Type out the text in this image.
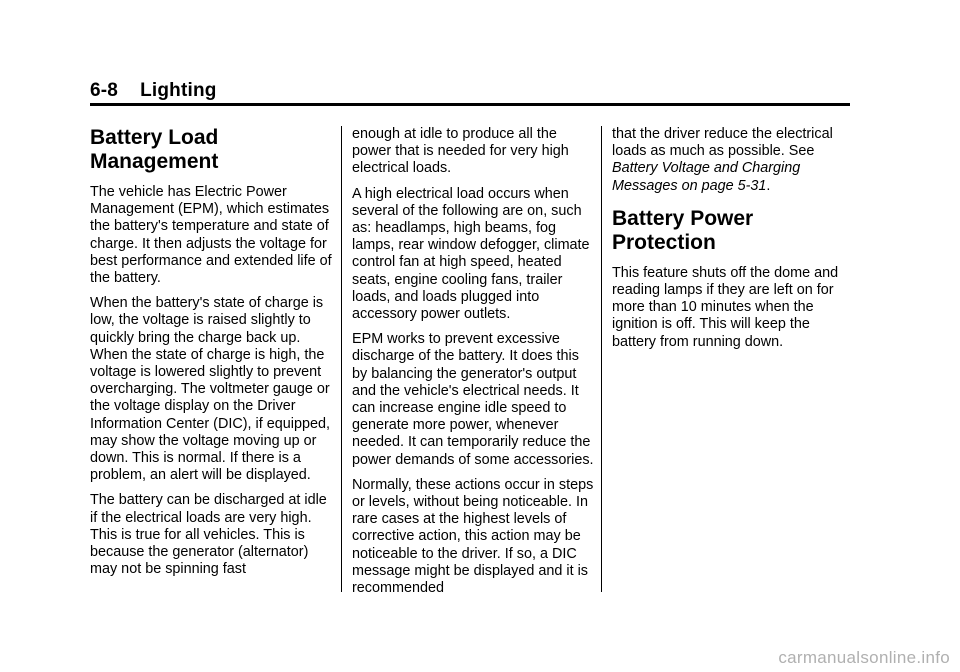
6-8 Lighting
Battery Load Management

The vehicle has Electric Power Management (EPM), which estimates the battery's temperature and state of charge. It then adjusts the voltage for best performance and extended life of the battery.

When the battery's state of charge is low, the voltage is raised slightly to quickly bring the charge back up. When the state of charge is high, the voltage is lowered slightly to prevent overcharging. The voltmeter gauge or the voltage display on the Driver Information Center (DIC), if equipped, may show the voltage moving up or down. This is normal. If there is a problem, an alert will be displayed.

The battery can be discharged at idle if the electrical loads are very high. This is true for all vehicles. This is because the generator (alternator) may not be spinning fast

enough at idle to produce all the power that is needed for very high electrical loads.

A high electrical load occurs when several of the following are on, such as: headlamps, high beams, fog lamps, rear window defogger, climate control fan at high speed, heated seats, engine cooling fans, trailer loads, and loads plugged into accessory power outlets.

EPM works to prevent excessive discharge of the battery. It does this by balancing the generator's output and the vehicle's electrical needs. It can increase engine idle speed to generate more power, whenever needed. It can temporarily reduce the power demands of some accessories.

Normally, these actions occur in steps or levels, without being noticeable. In rare cases at the highest levels of corrective action, this action may be noticeable to the driver. If so, a DIC message might be displayed and it is recommended

that the driver reduce the electrical loads as much as possible. See Battery Voltage and Charging Messages on page 5-31.

Battery Power Protection

This feature shuts off the dome and reading lamps if they are left on for more than 10 minutes when the ignition is off. This will keep the battery from running down.

carmanualsonline.info
